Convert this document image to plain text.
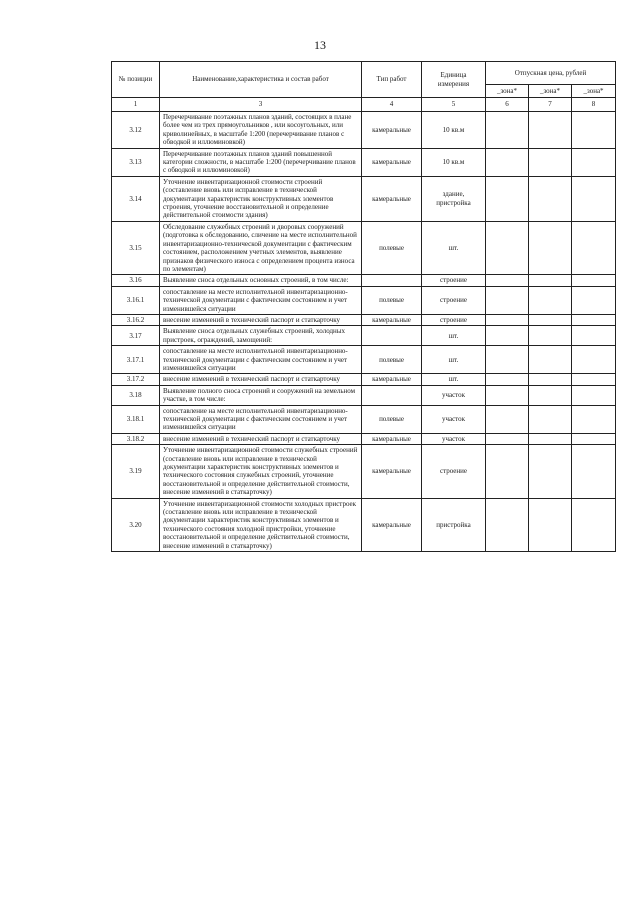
13
№ позиции	Наименование,характеристика и состав работ	Тип работ	Единица измерения	Отпускная цена, рублей		
				_зона*	_зона*	_зона*
1	3	4	5	6	7	8
3.12	Перечерчивание поэтажных планов зданий, состоящих в плане более чем из трех прямоугольников , или косоугольных, или криволинейных, в масштабе 1:200 (перечерчивание планов с обводкой и иллюминовкой)	камеральные	10 кв.м			
3.13	Перечерчивание поэтажных планов зданий повышенной категории сложности, в масштабе 1:200 (перечерчивание планов с обводкой и иллюминовкой)	камеральные	10 кв.м			
3.14	Уточнение инвентаризационной стоимости строений (составление вновь или исправление в технической документации характеристик конструктивных элементов строения, уточнение восстановительной и определение действительной стоимости здания)	камеральные	здание, пристройка			
3.15	Обследование служебных строений и дворовых сооружений (подготовка к обследованию, сличение на месте исполнительной инвентаризационно-технической документации с фактическим состоянием, расположением учетных элементов, выявление признаков физического износа с определением процента износа по элементам)	полевые	шт.			
3.16	Выявление сноса отдельных основных строений, в том числе:		строение			
3.16.1	сопоставление на месте исполнительной инвентаризационно- технической документации с фактическим состоянием и учет изменившейся ситуации	полевые	строение			
3.16.2	внесение изменений в технический паспорт и статкарточку	камеральные	строение			
3.17	Выявление сноса отдельных служебных строений, холодных пристроек, ограждений, замощений:		шт.			
3.17.1	сопоставление на месте исполнительной инвентаризационно-технической документации с фактическим состоянием и учет изменившейся ситуации	полевые	шт.			
3.17.2	внесение изменений в технический паспорт и статкарточку	камеральные	шт.			
3.18	Выявление полного сноса строений и сооружений на земельном участке, в том числе:		участок			
3.18.1	сопоставление на месте исполнительной инвентаризационно-технической документации с фактическим состоянием и учет изменившейся ситуации	полевые	участок			
3.18.2	внесение изменений в технический паспорт и статкарточку	камеральные	участок			
3.19	Уточнение инвентаризационной стоимости служебных строений (составление вновь или исправление в технической документации характеристик конструктивных элементов и технического состояния служебных строений, уточнение восстановительной и определение действительной стоимости, внесение изменений в статкарточку)	камеральные	строение			
3.20	Уточнение инвентаризационной стоимости холодных пристроек (составление вновь или исправление в технической документации характеристик конструктивных элементов и технического состояния холодной пристройки, уточнение восстановительной и определение действительной стоимости, внесение изменений в статкарточку)	камеральные	пристройка			
